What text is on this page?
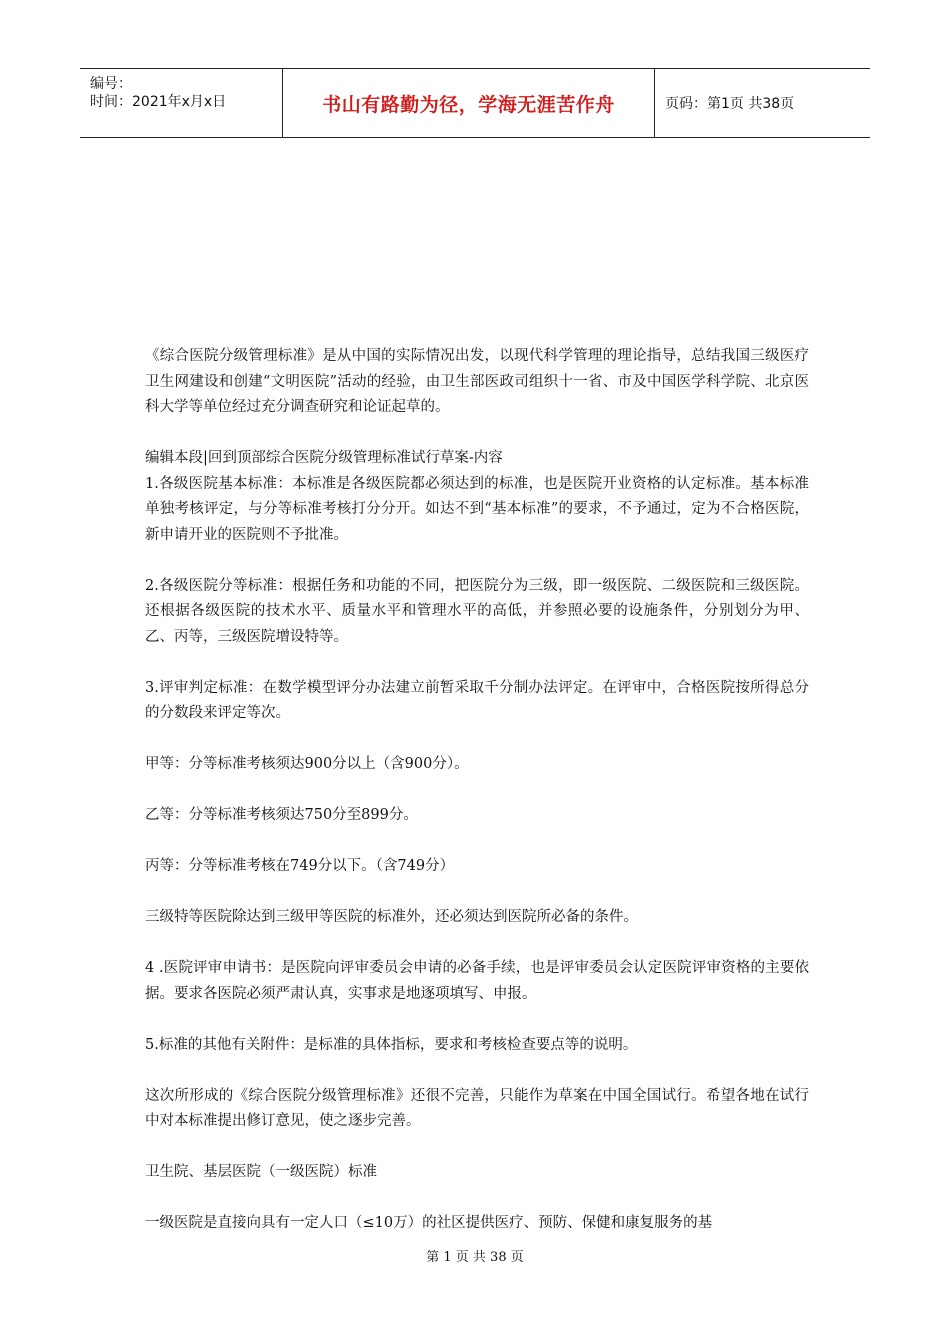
编号：
时间：2021年x月x日	书山有路勤为径，学海无涯苦作舟	页码：第1页 共38页

《综合医院分级管理标准》是从中国的实际情况出发，以现代科学管理的理论指导，总结我国三级医疗卫生网建设和创建“文明医院”活动的经验，由卫生部医政司组织十一省、市及中国医学科学院、北京医科大学等单位经过充分调查研究和论证起草的。

编辑本段|回到顶部综合医院分级管理标准试行草案-内容

1.各级医院基本标准：本标准是各级医院都必须达到的标准，也是医院开业资格的认定标准。基本标准单独考核评定，与分等标准考核打分分开。如达不到“基本标准”的要求，不予通过，定为不合格医院，新申请开业的医院则不予批准。

2.各级医院分等标准：根据任务和功能的不同，把医院分为三级，即一级医院、二级医院和三级医院。还根据各级医院的技术水平、质量水平和管理水平的高低，并参照必要的设施条件，分别划分为甲、乙、丙等，三级医院增设特等。

3.评审判定标准：在数学模型评分办法建立前暂采取千分制办法评定。在评审中，合格医院按所得总分的分数段来评定等次。

甲等：分等标准考核须达900分以上（含900分）。

乙等：分等标准考核须达750分至899分。

丙等：分等标准考核在749分以下。（含749分）

三级特等医院除达到三级甲等医院的标准外，还必须达到医院所必备的条件。

4 .医院评审申请书：是医院向评审委员会申请的必备手续，也是评审委员会认定医院评审资格的主要依据。要求各医院必须严肃认真，实事求是地逐项填写、申报。

5.标准的其他有关附件：是标准的具体指标，要求和考核检查要点等的说明。

这次所形成的《综合医院分级管理标准》还很不完善，只能作为草案在中国全国试行。希望各地在试行中对本标准提出修订意见，使之逐步完善。

卫生院、基层医院（一级医院）标准

一级医院是直接向具有一定人口（≤10万）的社区提供医疗、预防、保健和康复服务的基

第 1 页 共 38 页
